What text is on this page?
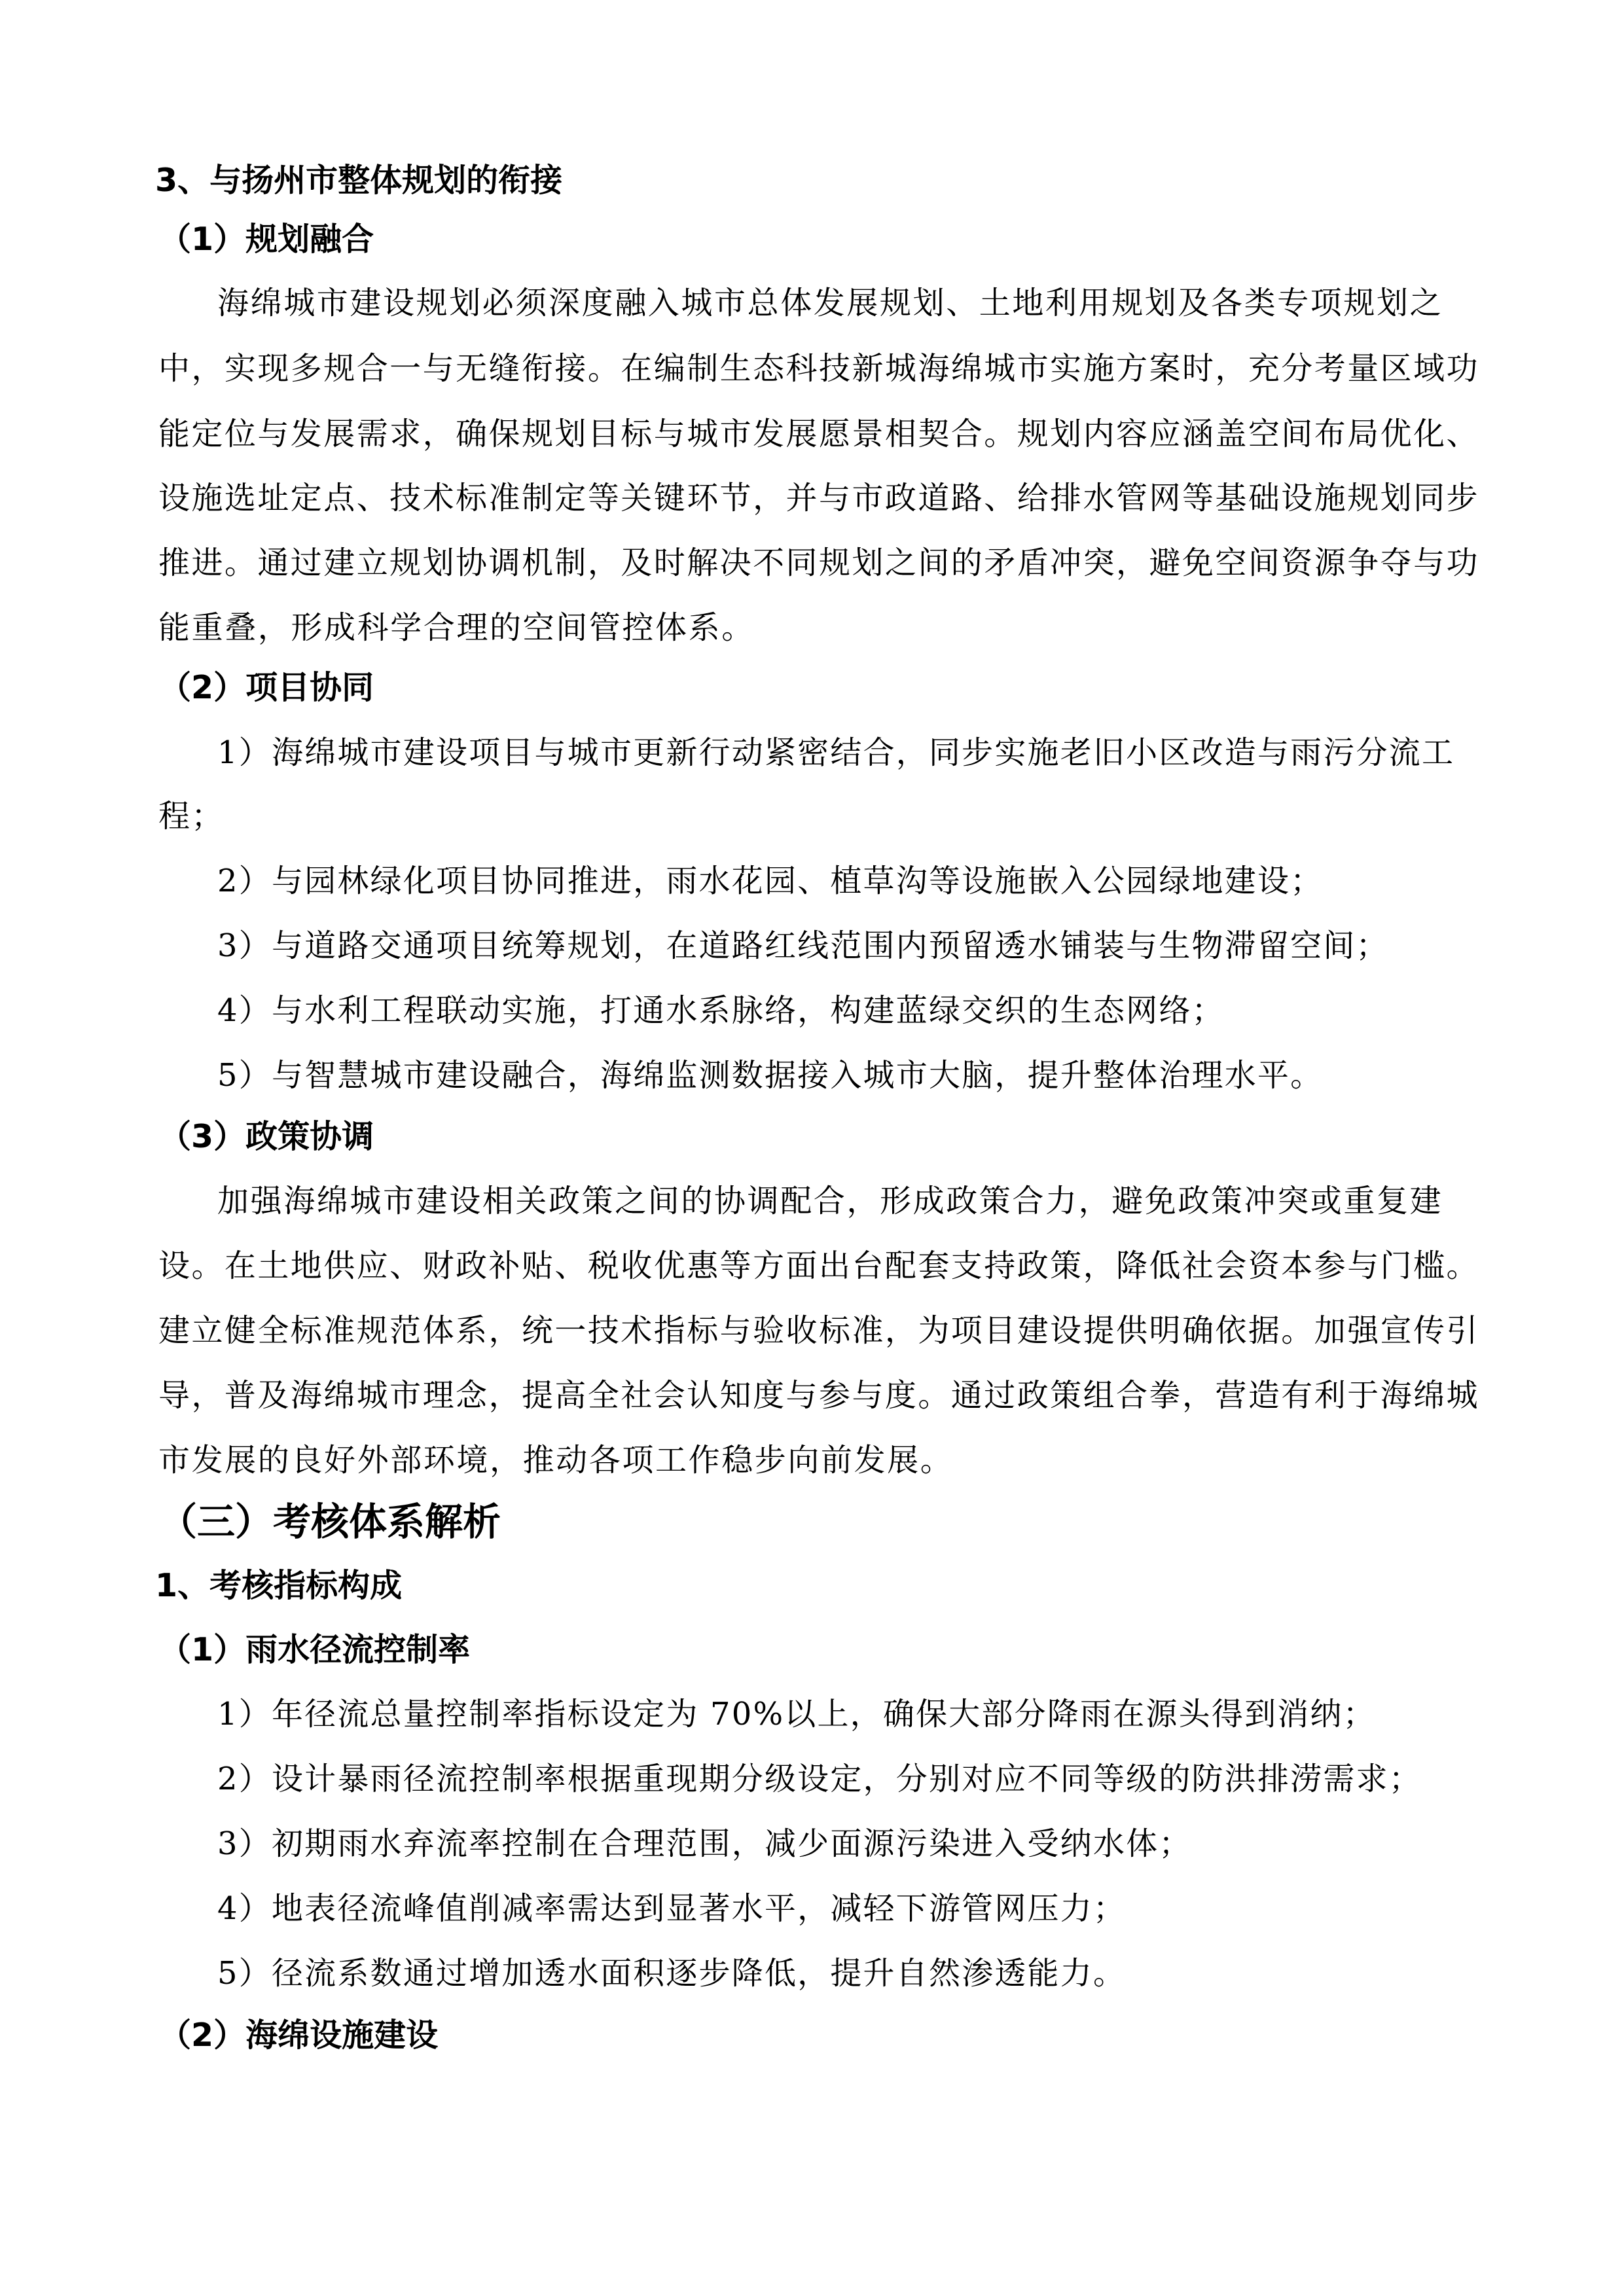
3、与扬州市整体规划的衔接
（1）规划融合
海绵城市建设规划必须深度融入城市总体发展规划、土地利用规划及各类专项规划之
中，实现多规合一与无缝衔接。在编制生态科技新城海绵城市实施方案时，充分考量区域功
能定位与发展需求，确保规划目标与城市发展愿景相契合。规划内容应涵盖空间布局优化、
设施选址定点、技术标准制定等关键环节，并与市政道路、给排水管网等基础设施规划同步
推进。通过建立规划协调机制，及时解决不同规划之间的矛盾冲突，避免空间资源争夺与功
能重叠，形成科学合理的空间管控体系。
（2）项目协同
1）海绵城市建设项目与城市更新行动紧密结合，同步实施老旧小区改造与雨污分流工
程；
2）与园林绿化项目协同推进，雨水花园、植草沟等设施嵌入公园绿地建设；
3）与道路交通项目统筹规划，在道路红线范围内预留透水铺装与生物滞留空间；
4）与水利工程联动实施，打通水系脉络，构建蓝绿交织的生态网络；
5）与智慧城市建设融合，海绵监测数据接入城市大脑，提升整体治理水平。
（3）政策协调
加强海绵城市建设相关政策之间的协调配合，形成政策合力，避免政策冲突或重复建
设。在土地供应、财政补贴、税收优惠等方面出台配套支持政策，降低社会资本参与门槛。
建立健全标准规范体系，统一技术指标与验收标准，为项目建设提供明确依据。加强宣传引
导，普及海绵城市理念，提高全社会认知度与参与度。通过政策组合拳，营造有利于海绵城
市发展的良好外部环境，推动各项工作稳步向前发展。
（三）考核体系解析
1、考核指标构成
（1）雨水径流控制率
1）年径流总量控制率指标设定为 70%以上，确保大部分降雨在源头得到消纳；
2）设计暴雨径流控制率根据重现期分级设定，分别对应不同等级的防洪排涝需求；
3）初期雨水弃流率控制在合理范围，减少面源污染进入受纳水体；
4）地表径流峰值削减率需达到显著水平，减轻下游管网压力；
5）径流系数通过增加透水面积逐步降低，提升自然渗透能力。
（2）海绵设施建设
